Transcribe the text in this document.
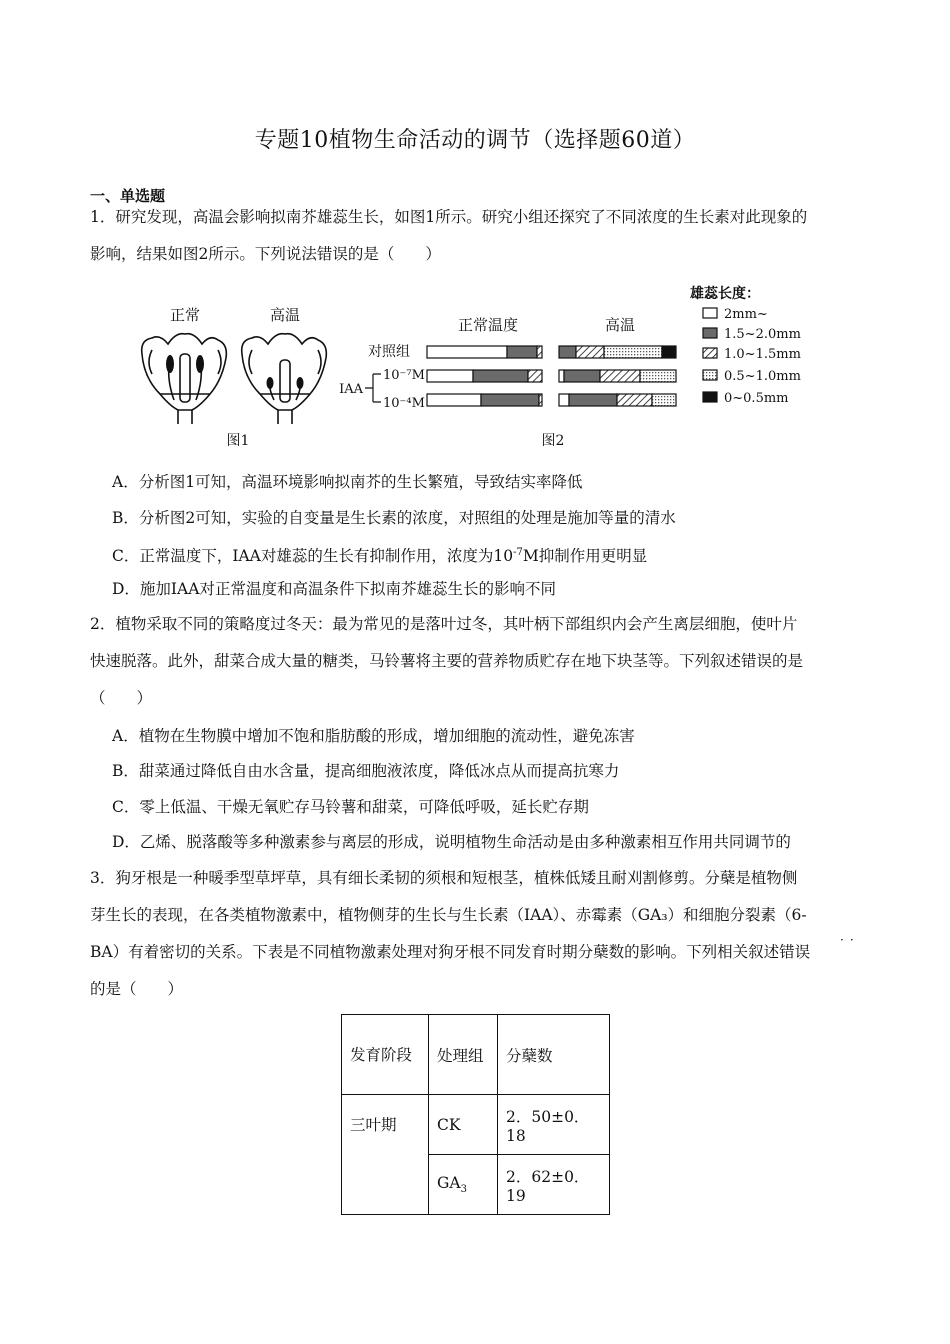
专题10植物生命活动的调节（选择题60道）
一、单选题
1．研究发现，高温会影响拟南芥雄蕊生长，如图1所示。研究小组还探究了不同浓度的生长素对此现象的
影响，结果如图2所示。下列说法错误的是（　　）
正常	高温
图1
正常温度	高温
图2
对照组
IAA
10⁻⁷M
10⁻⁴M
雄蕊长度：
2mm~
1.5~2.0mm
1.0~1.5mm
0.5~1.0mm
0~0.5mm
A．分析图1可知，高温环境影响拟南芥的生长繁殖，导致结实率降低
B．分析图2可知，实验的自变量是生长素的浓度，对照组的处理是施加等量的清水
C．正常温度下，IAA对雄蕊的生长有抑制作用，浓度为$10^{-7}M$抑制作用更明显
D．施加IAA对正常温度和高温条件下拟南芥雄蕊生长的影响不同
2．植物采取不同的策略度过冬天：最为常见的是落叶过冬，其叶柄下部组织内会产生离层细胞，使叶片
快速脱落。此外，甜菜合成大量的糖类，马铃薯将主要的营养物质贮存在地下块茎等。下列叙述错误的是
（　　）
A．植物在生物膜中增加不饱和脂肪酸的形成，增加细胞的流动性，避免冻害
B．甜菜通过降低自由水含量，提高细胞液浓度，降低冰点从而提高抗寒力
C．零上低温、干燥无氧贮存马铃薯和甜菜，可降低呼吸，延长贮存期
D．乙烯、脱落酸等多种激素参与离层的形成，说明植物生命活动是由多种激素相互作用共同调节的
3．狗牙根是一种暖季型草坪草，具有细长柔韧的须根和短根茎，植株低矮且耐刈割修剪。分蘖是植物侧
芽生长的表现，在各类植物激素中，植物侧芽的生长与生长素（IAA）、赤霉素（GA₃）和细胞分裂素（6-
BA）有着密切的关系。下表是不同植物激素处理对狗牙根不同发育时期分蘖数的影响。下列相关叙述错误
的是（　　）
··
发育阶段	处理组	分蘖数
三叶期	CK	2．50±0．18
	$GA_3$	2．62±0．19
